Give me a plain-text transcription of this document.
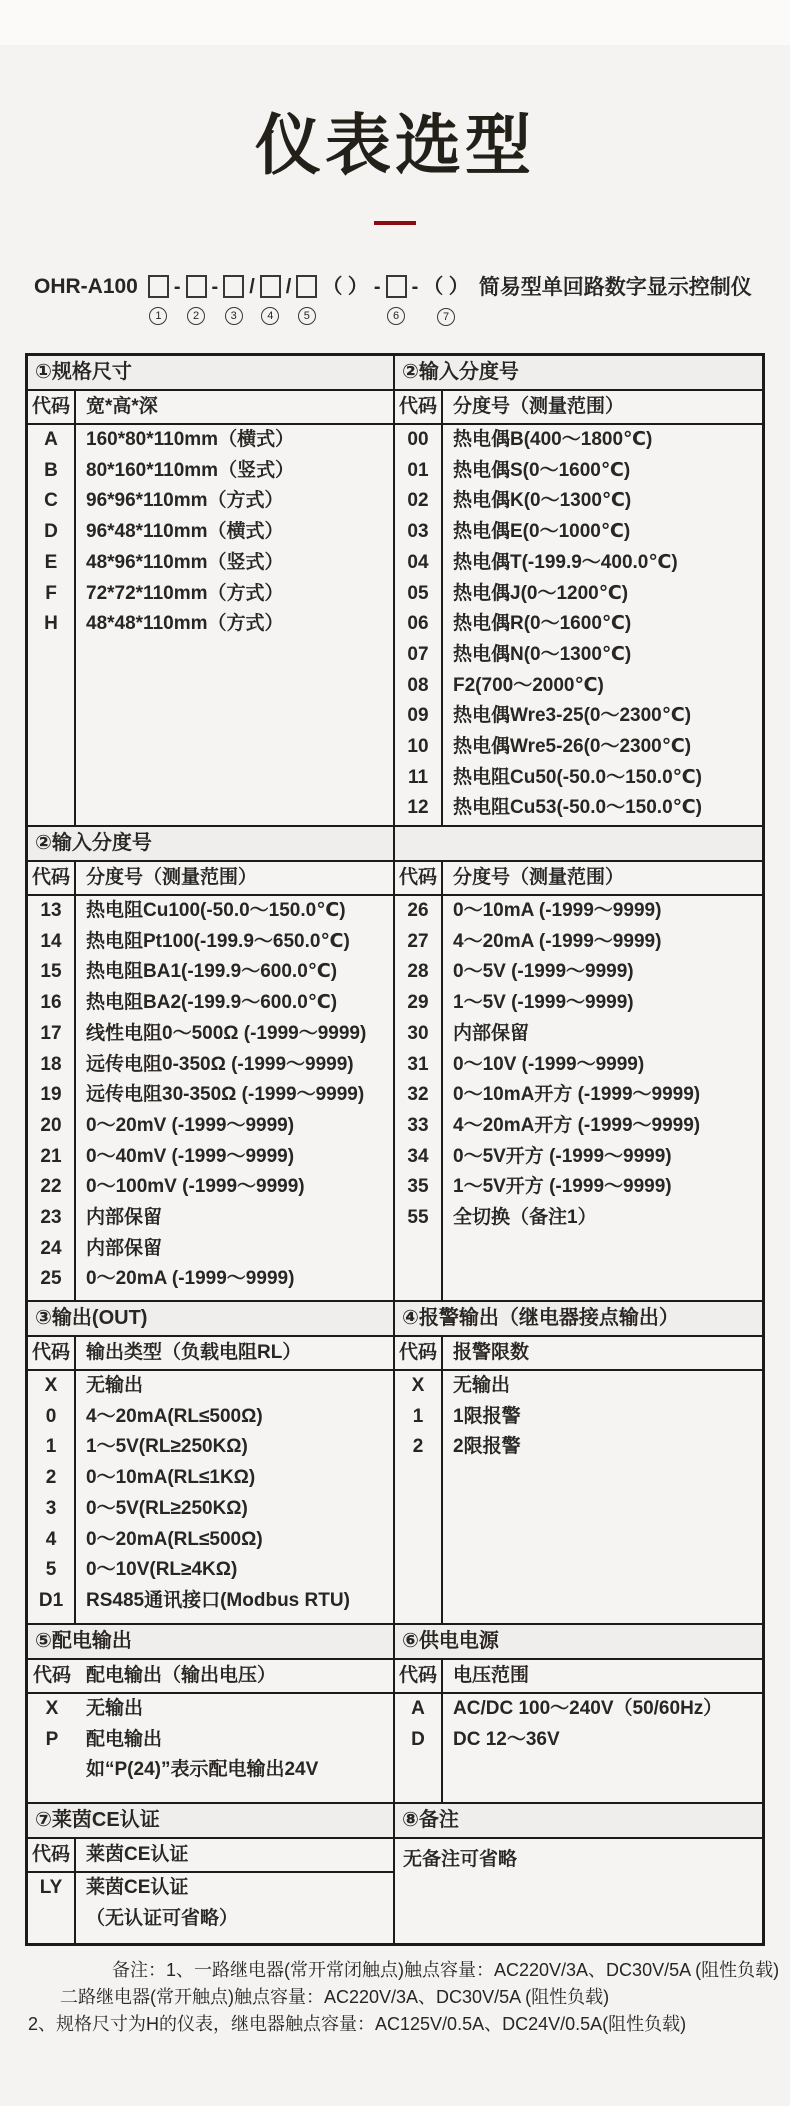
仪表选型
OHR-A100
1
-
2
-
3
/
4
/
5
（ ） -
6
- （ ）
7
简易型单回路数字显示控制仪
①规格尺寸
代码 宽*高*深
A	160*80*110mm（横式）
B	80*160*110mm（竖式）
C	96*96*110mm（方式）
D	96*48*110mm（横式）
E	48*96*110mm（竖式）
F	72*72*110mm（方式）
H	48*48*110mm（方式）
②输入分度号
代码 分度号（测量范围）
00	热电偶B(400～1800℃)
01	热电偶S(0～1600℃)
02	热电偶K(0～1300℃)
03	热电偶E(0～1000℃)
04	热电偶T(-199.9～400.0℃)
05	热电偶J(0～1200℃)
06	热电偶R(0～1600℃)
07	热电偶N(0～1300℃)
08	F2(700～2000℃)
09	热电偶Wre3-25(0～2300℃)
10	热电偶Wre5-26(0～2300℃)
11	热电阻Cu50(-50.0～150.0℃)
12	热电阻Cu53(-50.0～150.0℃)
②输入分度号
代码 分度号（测量范围）
13	热电阻Cu100(-50.0～150.0℃)
14	热电阻Pt100(-199.9～650.0℃)
15	热电阻BA1(-199.9～600.0℃)
16	热电阻BA2(-199.9～600.0℃)
17	线性电阻0～500Ω (-1999～9999)
18	远传电阻0-350Ω (-1999～9999)
19	远传电阻30-350Ω (-1999～9999)
20	0～20mV (-1999～9999)
21	0～40mV (-1999～9999)
22	0～100mV (-1999～9999)
23	内部保留
24	内部保留
25	0～20mA (-1999～9999)
代码 分度号（测量范围）
26	0～10mA (-1999～9999)
27	4～20mA (-1999～9999)
28	0～5V (-1999～9999)
29	1～5V (-1999～9999)
30	内部保留
31	0～10V (-1999～9999)
32	0～10mA开方 (-1999～9999)
33	4～20mA开方 (-1999～9999)
34	0～5V开方 (-1999～9999)
35	1～5V开方 (-1999～9999)
55	全切换（备注1）
③输出(OUT)
代码 输出类型（负载电阻RL）
X	无输出
0	4～20mA(RL≤500Ω)
1	1～5V(RL≥250KΩ)
2	0～10mA(RL≤1KΩ)
3	0～5V(RL≥250KΩ)
4	0～20mA(RL≤500Ω)
5	0～10V(RL≥4KΩ)
D1	RS485通讯接口(Modbus RTU)
④报警输出（继电器接点输出）
代码 报警限数
X	无输出
1	1限报警
2	2限报警
⑤配电输出
代码 配电输出（输出电压）
X	无输出
P	配电输出
如“P(24)”表示配电输出24V
⑥供电电源
代码 电压范围
A	AC/DC 100～240V（50/60Hz）
D	DC 12～36V
⑦莱茵CE认证
代码 莱茵CE认证
LY	莱茵CE认证
（无认证可省略）
⑧备注
无备注可省略
备注：1、一路继电器(常开常闭触点)触点容量：AC220V/3A、DC30V/5A (阻性负载)
二路继电器(常开触点)触点容量：AC220V/3A、DC30V/5A (阻性负载)
2、规格尺寸为H的仪表，继电器触点容量：AC125V/0.5A、DC24V/0.5A(阻性负载)
